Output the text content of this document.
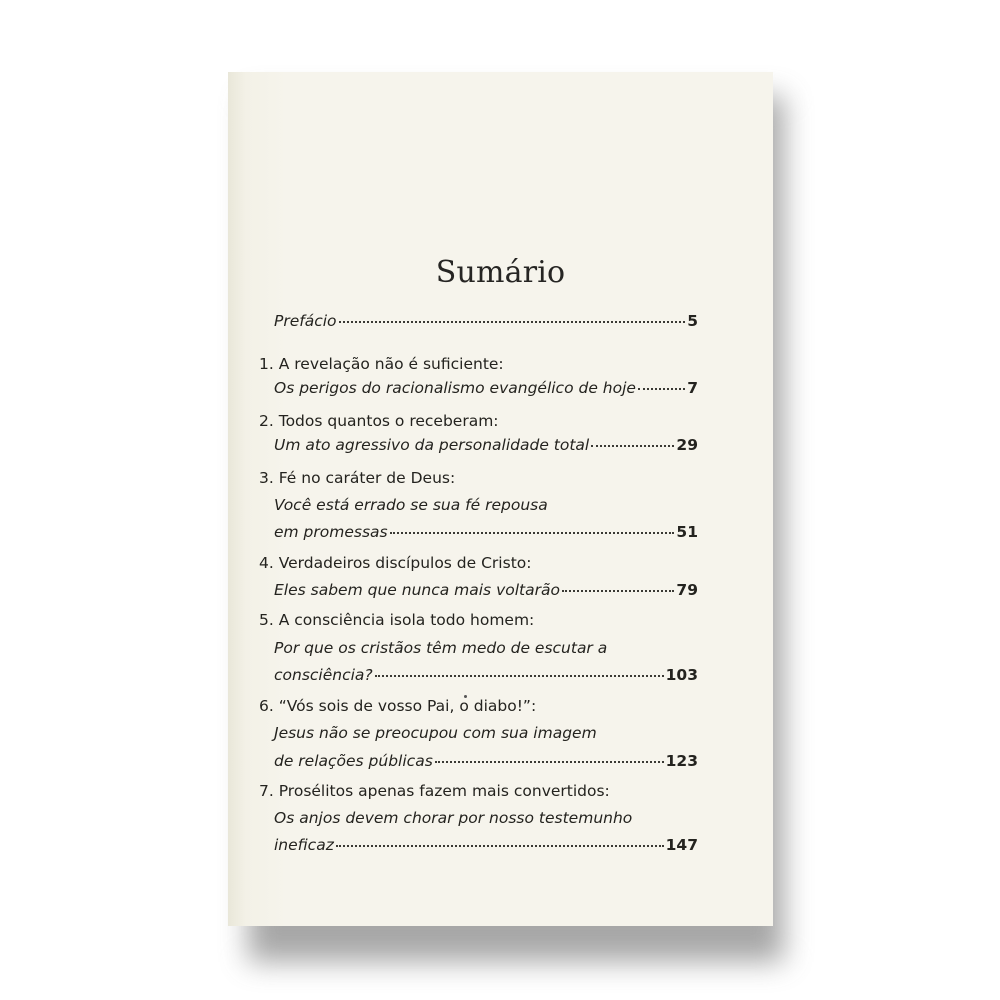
Sumário
Prefácio	5
1.
A revelação não é suficiente:
Os perigos do racionalismo evangélico de hoje	7
2.
Todos quantos o receberam:
Um ato agressivo da personalidade total	29
3.
Fé no caráter de Deus:
Você está errado se sua fé repousa
em promessas	51
4.
Verdadeiros discípulos de Cristo:
Eles sabem que nunca mais voltarão	79
5.
A consciência isola todo homem:
Por que os cristãos têm medo de escutar a
consciência?	103
6.
“Vós sois de vosso Pai, o diabo!”:
Jesus não se preocupou com sua imagem
de relações públicas	123
7.
Prosélitos apenas fazem mais convertidos:
Os anjos devem chorar por nosso testemunho
ineficaz	147
